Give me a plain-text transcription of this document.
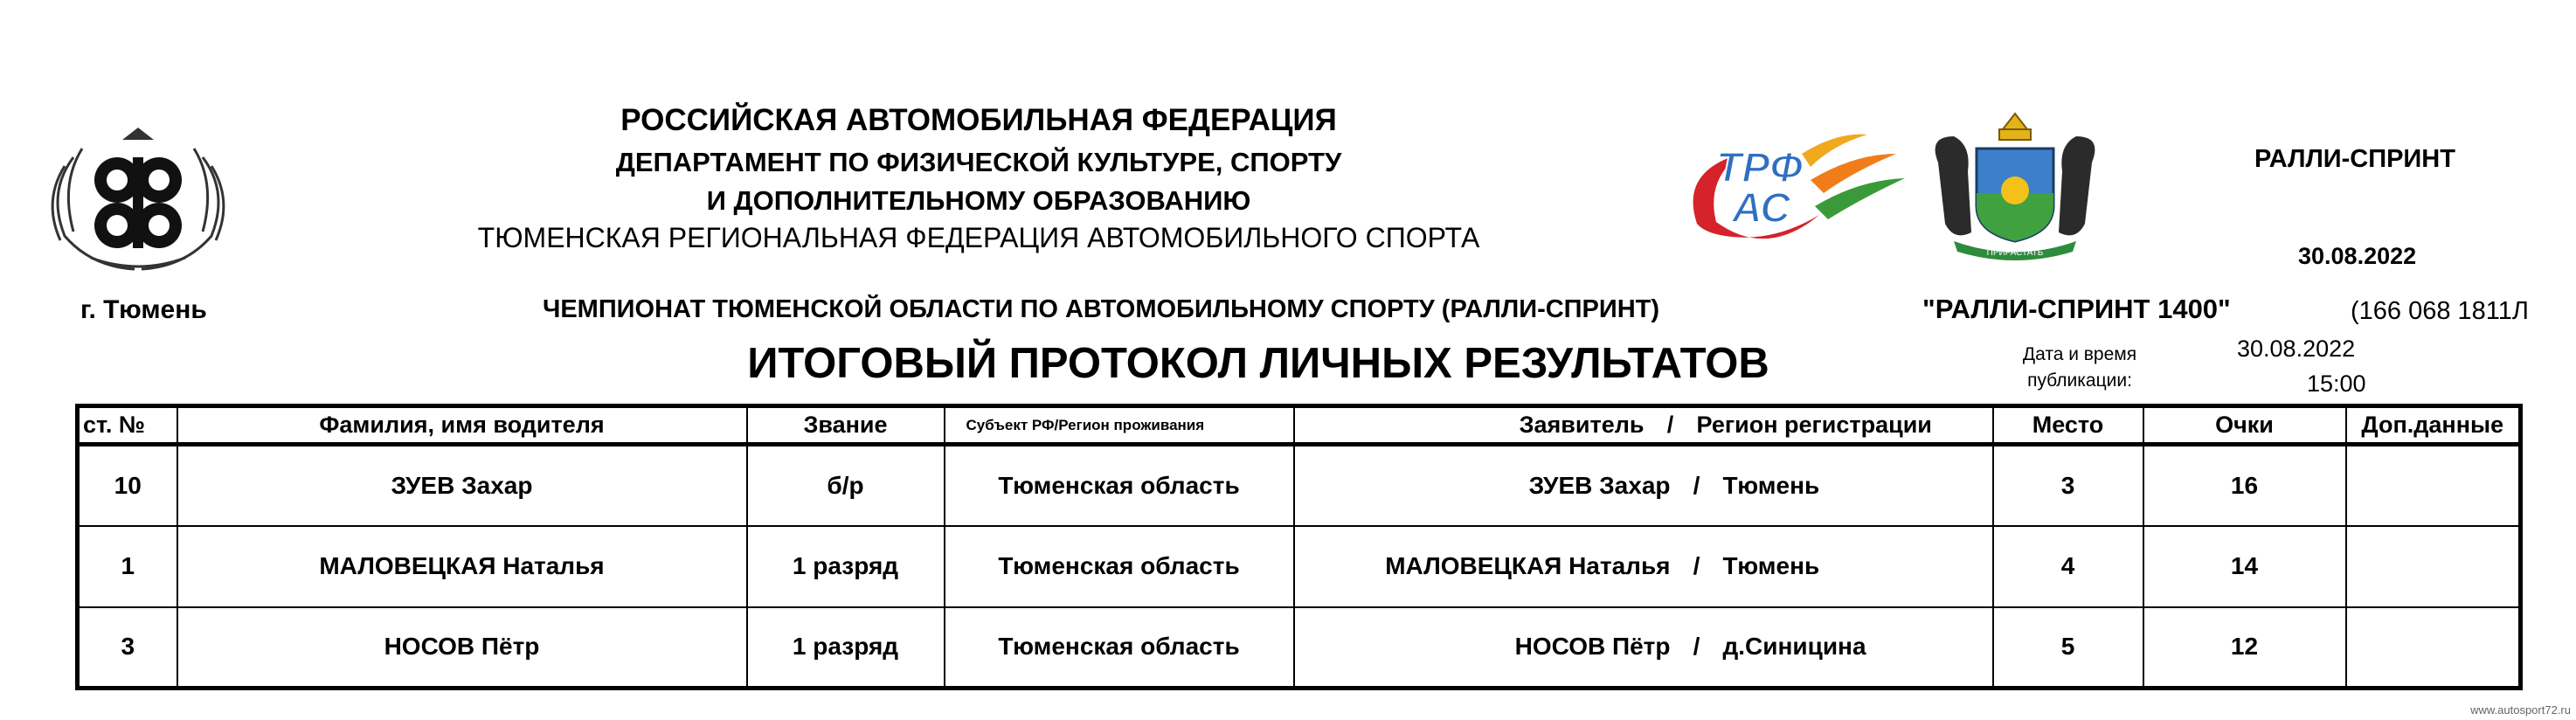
РОССИЙСКАЯ АВТОМОБИЛЬНАЯ ФЕДЕРАЦИЯ
ДЕПАРТАМЕНТ ПО ФИЗИЧЕСКОЙ КУЛЬТУРЕ, СПОРТУ
И ДОПОЛНИТЕЛЬНОМУ ОБРАЗОВАНИЮ
ТЮМЕНСКАЯ РЕГИОНАЛЬНАЯ ФЕДЕРАЦИЯ АВТОМОБИЛЬНОГО СПОРТА
ТРФ
АС
ПРИРАСТАТЬ
РАЛЛИ-СПРИНТ
30.08.2022
г. Тюмень	ЧЕМПИОНАТ ТЮМЕНСКОЙ ОБЛАСТИ ПО АВТОМОБИЛЬНОМУ СПОРТУ (РАЛЛИ-СПРИНТ)	"РАЛЛИ-СПРИНТ 1400"	(166 068 1811Л
ИТОГОВЫЙ ПРОТОКОЛ ЛИЧНЫХ РЕЗУЛЬТАТОВ	Дата и время
публикации:
30.08.2022
15:00
ст. №	Фамилия, имя водителя	Звание	Субъект РФ/Регион проживания	Заявитель / Регион регистрации	Место	Очки	Доп.данные
10	ЗУЕВ Захар	б/р	Тюменская область	ЗУЕВ Захар / Тюмень	3	16	
1	МАЛОВЕЦКАЯ Наталья	1 разряд	Тюменская область	МАЛОВЕЦКАЯ Наталья / Тюмень	4	14	
3	НОСОВ Пётр	1 разряд	Тюменская область	НОСОВ Пётр / д.Синицина	5	12	
www.autosport72.ru
